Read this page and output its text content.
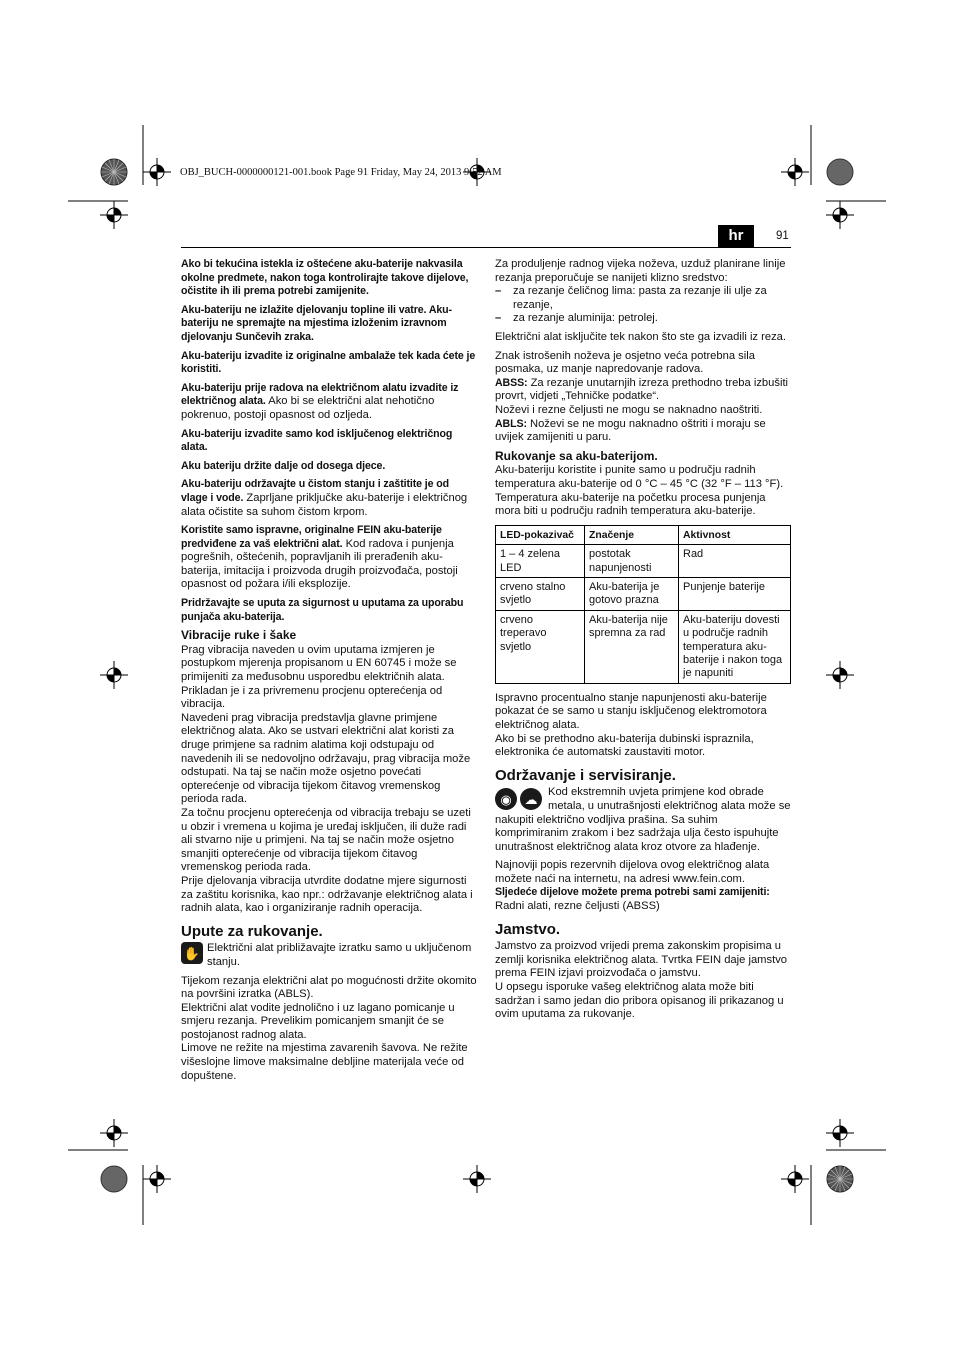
OBJ_BUCH-0000000121-001.book Page 91 Friday, May 24, 2013 9:52 AM
hr	91

Ako bi tekućina istekla iz oštećene aku-baterije nakvasila okolne predmete, nakon toga kontrolirajte takove dijelove, očistite ih ili prema potrebi zamijenite.

Aku-bateriju ne izlažite djelovanju topline ili vatre. Aku-bateriju ne spremajte na mjestima izloženim izravnom djelovanju Sunčevih zraka.

Aku-bateriju izvadite iz originalne ambalaže tek kada ćete je koristiti.

Aku-bateriju prije radova na električnom alatu izvadite iz električnog alata. Ako bi se električni alat nehotično pokrenuo, postoji opasnost od ozljeda.

Aku-bateriju izvadite samo kod isključenog električnog alata.

Aku bateriju držite dalje od dosega djece.

Aku-bateriju održavajte u čistom stanju i zaštitite je od vlage i vode. Zaprljane priključke aku-baterije i električnog alata očistite sa suhom čistom krpom.

Koristite samo ispravne, originalne FEIN aku-baterije predviđene za vaš električni alat. Kod radova i punjenja pogrešnih, oštećenih, popravljanih ili prerađenih aku-baterija, imitacija i proizvoda drugih proizvođača, postoji opasnost od požara i/ili eksplozije.

Pridržavajte se uputa za sigurnost u uputama za uporabu punjača aku-baterija.

Vibracije ruke i šake

Prag vibracija naveden u ovim uputama izmjeren je postupkom mjerenja propisanom u EN 60745 i može se primijeniti za međusobnu usporedbu električnih alata. Prikladan je i za privremenu procjenu opterećenja od vibracija.

Navedeni prag vibracija predstavlja glavne primjene električnog alata. Ako se ustvari električni alat koristi za druge primjene sa radnim alatima koji odstupaju od navedenih ili se nedovoljno održavaju, prag vibracija može odstupati. Na taj se način može osjetno povećati opterećenje od vibracija tijekom čitavog vremenskog perioda rada.

Za točnu procjenu opterećenja od vibracija trebaju se uzeti u obzir i vremena u kojima je uređaj isključen, ili duže radi ali stvarno nije u primjeni. Na taj se način može osjetno smanjiti opterećenje od vibracija tijekom čitavog vremenskog perioda rada.

Prije djelovanja vibracija utvrdite dodatne mjere sigurnosti za zaštitu korisnika, kao npr.: održavanje električnog alata i radnih alata, kao i organiziranje radnih operacija.

Upute za rukovanje.
✋ Električni alat približavajte izratku samo u uključenom stanju.

Tijekom rezanja električni alat po mogućnosti držite okomito na površini izratka (ABLS).

Električni alat vodite jednolično i uz lagano pomicanje u smjeru rezanja. Prevelikim pomicanjem smanjit će se postojanost radnog alata.

Limove ne režite na mjestima zavarenih šavova. Ne režite višeslojne limove maksimalne debljine materijala veće od dopuštene.

Za produljenje radnog vijeka noževa, uzduž planirane linije rezanja preporučuje se nanijeti klizno sredstvo:

– za rezanje čeličnog lima: pasta za rezanje ili ulje za rezanje,
– za rezanje aluminija: petrolej.

Električni alat isključite tek nakon što ste ga izvadili iz reza.

Znak istrošenih noževa je osjetno veća potrebna sila posmaka, uz manje napredovanje radova.

ABSS: Za rezanje unutarnjih izreza prethodno treba izbušiti provrt, vidjeti „Tehničke podatke“.

Noževi i rezne čeljusti ne mogu se naknadno naoštriti.

ABLS: Noževi se ne mogu naknadno oštriti i moraju se uvijek zamijeniti u paru.

Rukovanje sa aku-baterijom.

Aku-bateriju koristite i punite samo u području radnih temperatura aku-baterije od 0 °C – 45 °C (32 °F – 113 °F). Temperatura aku-baterije na početku procesa punjenja mora biti u području radnih temperatura aku-baterije.

LED-pokazivač	Značenje	Aktivnost
1 – 4 zelena LED	postotak napunjenosti	Rad
crveno stalno svjetlo	Aku-baterija je gotovo prazna	Punjenje baterije
crveno treperavo svjetlo	Aku-baterija nije spremna za rad	Aku-bateriju dovesti u područje radnih temperatura aku-baterije i nakon toga je napuniti

Ispravno procentualno stanje napunjenosti aku-baterije pokazat će se samo u stanju isključenog elektromotora električnog alata.

Ako bi se prethodno aku-baterija dubinski ispraznila, elektronika će automatski zaustaviti motor.

Održavanje i servisiranje.
◉ ☁ Kod ekstremnih uvjeta primjene kod obrade metala, u unutrašnjosti električnog alata može se nakupiti električno vodljiva prašina. Sa suhim komprimiranim zrakom i bez sadržaja ulja često ispuhujte unutrašnost električnog alata kroz otvore za hlađenje.

Najnoviji popis rezervnih dijelova ovog električnog alata možete naći na internetu, na adresi www.fein.com.

Sljedeće dijelove možete prema potrebi sami zamijeniti:

Radni alati, rezne čeljusti (ABSS)

Jamstvo.

Jamstvo za proizvod vrijedi prema zakonskim propisima u zemlji korisnika električnog alata. Tvrtka FEIN daje jamstvo prema FEIN izjavi proizvođača o jamstvu.

U opsegu isporuke vašeg električnog alata može biti sadržan i samo jedan dio pribora opisanog ili prikazanog u ovim uputama za rukovanje.
